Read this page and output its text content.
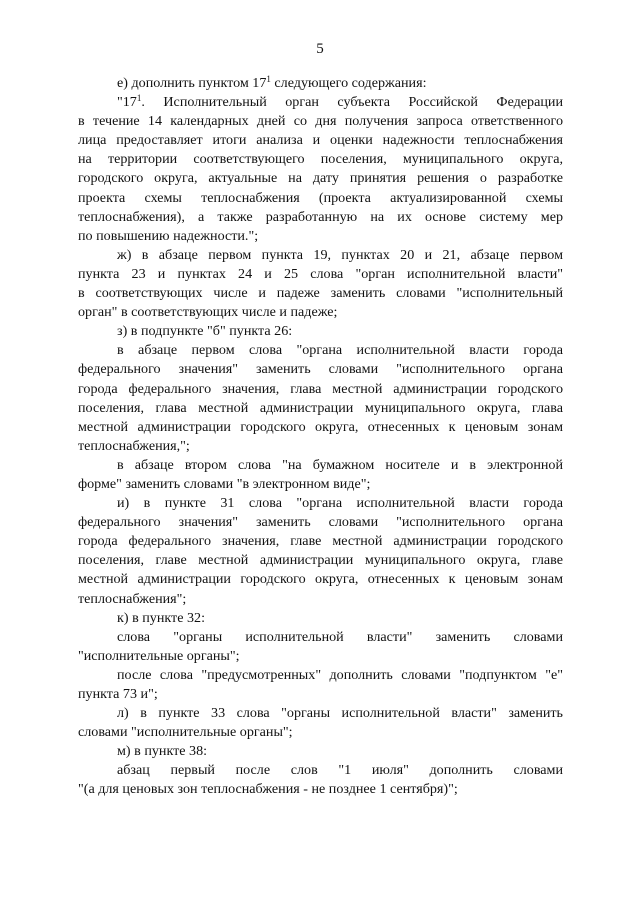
5
е) дополнить пунктом $17^1$ следующего содержания:
"$17^1$. Исполнительный орган субъекта Российской Федерации
в течение 14 календарных дней со дня получения запроса ответственного
лица предоставляет итоги анализа и оценки надежности теплоснабжения
на территории соответствующего поселения, муниципального округа,
городского округа, актуальные на дату принятия решения о разработке
проекта схемы теплоснабжения (проекта актуализированной схемы
теплоснабжения), а также разработанную на их основе систему мер
по повышению надежности.";
ж) в абзаце первом пункта 19, пунктах 20 и 21, абзаце первом
пункта 23 и пунктах 24 и 25 слова "орган исполнительной власти"
в соответствующих числе и падеже заменить словами "исполнительный
орган" в соответствующих числе и падеже;
з) в подпункте "б" пункта 26:
в абзаце первом слова "органа исполнительной власти города
федерального значения" заменить словами "исполнительного органа
города федерального значения, глава местной администрации городского
поселения, глава местной администрации муниципального округа, глава
местной администрации городского округа, отнесенных к ценовым зонам
теплоснабжения,";
в абзаце втором слова "на бумажном носителе и в электронной
форме" заменить словами "в электронном виде";
и) в пункте 31 слова "органа исполнительной власти города
федерального значения" заменить словами "исполнительного органа
города федерального значения, главе местной администрации городского
поселения, главе местной администрации муниципального округа, главе
местной администрации городского округа, отнесенных к ценовым зонам
теплоснабжения";
к) в пункте 32:
слова "органы исполнительной власти" заменить словами
"исполнительные органы";
после слова "предусмотренных" дополнить словами "подпунктом "е"
пункта 73 и";
л) в пункте 33 слова "органы исполнительной власти" заменить
словами "исполнительные органы";
м) в пункте 38:
абзац первый после слов "1 июля" дополнить словами
"(а для ценовых зон теплоснабжения - не позднее 1 сентября)";
